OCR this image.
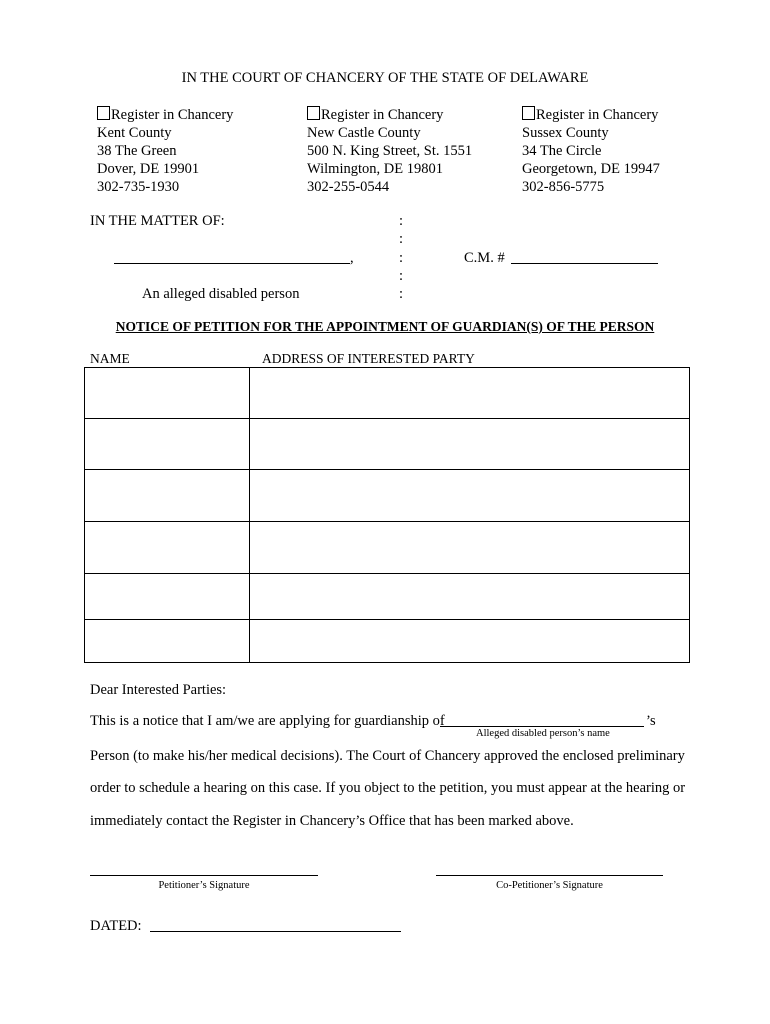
IN THE COURT OF CHANCERY OF THE STATE OF DELAWARE
Register in Chancery
Kent County
38 The Green
Dover, DE 19901
302-735-1930
Register in Chancery
New Castle County
500 N. King Street, St. 1551
Wilmington, DE 19801
302-255-0544
Register in Chancery
Sussex County
34 The Circle
Georgetown, DE 19947
302-856-5775
IN THE MATTER OF:	:
:
:
:
:
,
An alleged disabled person
C.M. #
NOTICE OF PETITION FOR THE APPOINTMENT OF GUARDIAN(S) OF THE PERSON
NAME	ADDRESS OF INTERESTED PARTY
Dear Interested Parties:
This is a notice that I am/we are applying for guardianship of	’s
Alleged disabled person’s name
Person (to make his/her medical decisions). The Court of Chancery approved the enclosed preliminary
order to schedule a hearing on this case. If you object to the petition, you must appear at the hearing or
immediately contact the Register in Chancery’s Office that has been marked above.
Petitioner’s Signature	Co-Petitioner’s Signature
DATED:
